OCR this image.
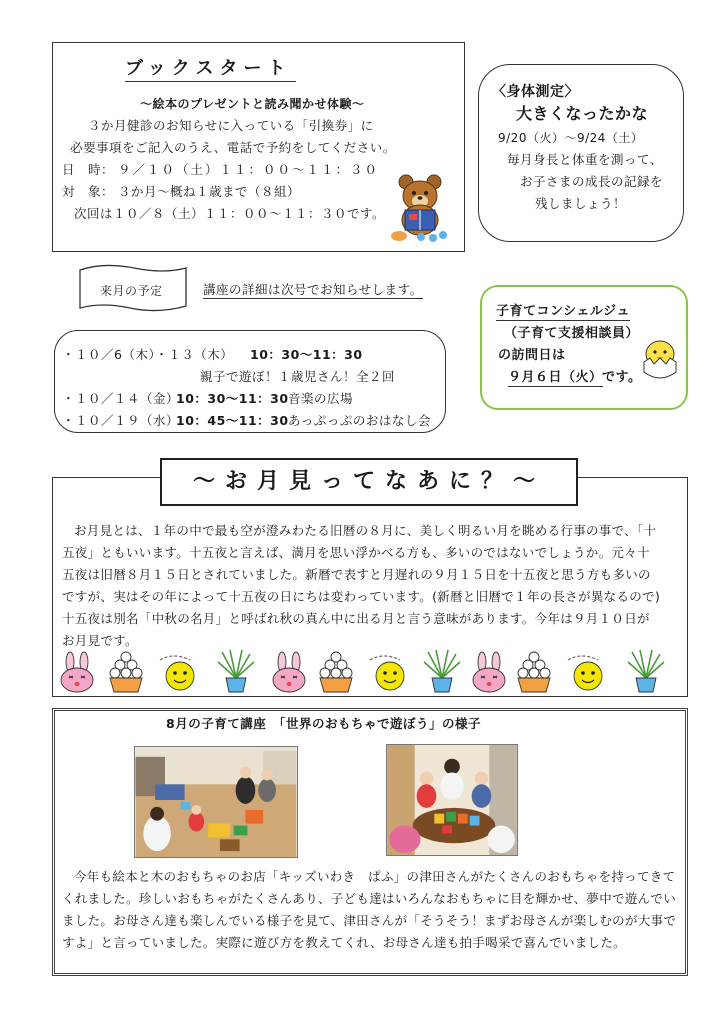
ブックスタート
～絵本のプレゼントと読み聞かせ体験～
３か月健診のお知らせに入っている「引換券」に
必要事項をご記入のうえ、電話で予約をしてください。
日　時： ９／１０（土）１１：００～１１：３０
対　象： ３か月～概ね１歳まで（８組）
次回は１０／８（土）１１：００～１１：３０です。
〈身体測定〉
大きくなったかな
9/20（火）～9/24（土）
毎月身長と体重を測って、
お子さまの成長の記録を
残しましょう！
来月の予定	講座の詳細は次号でお知らせします。
・１０／6（木）・１３（木） 10：30～11：30
親子で遊ぼ！１歳児さん！全２回
・１０／１４（金）
10：30～11：30 音楽の広場
・１０／１９（水）
10：45～11：30 あっぷっぷのおはなし会
子育てコンシェルジュ
（子育て支援相談員）
の訪問日は
９月６日（火） です。
～お月見ってなあに？～
お月見とは、１年の中で最も空が澄みわたる旧暦の８月に、美しく明るい月を眺める行事の事で、「十
五夜」ともいいます。十五夜と言えば、満月を思い浮かべる方も、多いのではないでしょうか。元々十
五夜は旧暦８月１５日とされていました。新暦で表すと月遅れの９月１５日を十五夜と思う方も多いの
ですが、実はその年によって十五夜の日にちは変わっています。(新暦と旧暦で１年の長さが異なるので)
十五夜は別名「中秋の名月」と呼ばれ秋の真ん中に出る月と言う意味があります。今年は９月１０日が
お月見です。
8月の子育て講座　「世界のおもちゃで遊ぼう」の様子
今年も絵本と木のおもちゃのお店「キッズいわき　ぱふ」の津田さんがたくさんのおもちゃを持ってきて
くれました。珍しいおもちゃがたくさんあり、子ども達はいろんなおもちゃに目を輝かせ、夢中で遊んでい
ました。お母さん達も楽しんでいる様子を見て、津田さんが「そうそう！まずお母さんが楽しむのが大事で
すよ」と言っていました。実際に遊び方を教えてくれ、お母さん達も拍手喝采で喜んでいました。
